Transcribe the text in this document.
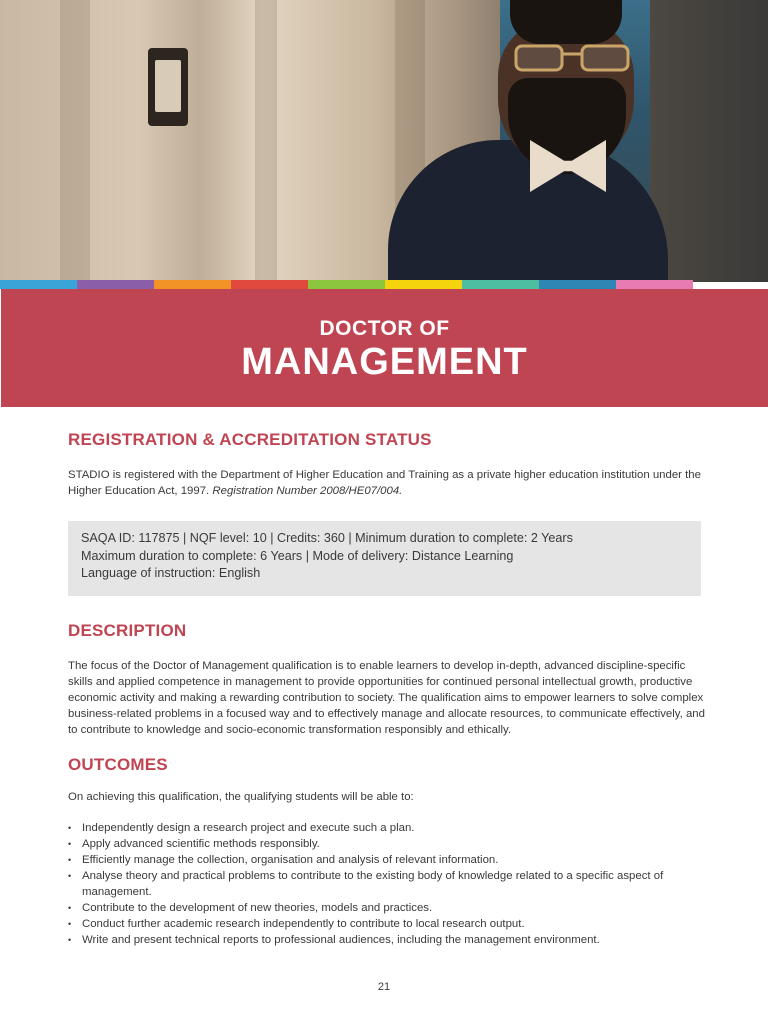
DOCTOR OF
MANAGEMENT
REGISTRATION & ACCREDITATION STATUS
STADIO is registered with the Department of Higher Education and Training as a private higher education institution under the Higher Education Act, 1997. Registration Number 2008/HE07/004.
SAQA ID: 117875 | NQF level: 10 | Credits: 360 | Minimum duration to complete: 2 Years
Maximum duration to complete: 6 Years | Mode of delivery: Distance Learning
Language of instruction: English
DESCRIPTION
The focus of the Doctor of Management qualification is to enable learners to develop in-depth, advanced discipline-specific skills and applied competence in management to provide opportunities for continued personal intellectual growth, productive economic activity and making a rewarding contribution to society. The qualification aims to empower learners to solve complex business-related problems in a focused way and to effectively manage and allocate resources, to communicate effectively, and to contribute to knowledge and socio-economic transformation responsibly and ethically.
OUTCOMES
On achieving this qualification, the qualifying students will be able to:
• Independently design a research project and execute such a plan.
• Apply advanced scientific methods responsibly.
• Efficiently manage the collection, organisation and analysis of relevant information.
• Analyse theory and practical problems to contribute to the existing body of knowledge related to a specific aspect of management.
• Contribute to the development of new theories, models and practices.
• Conduct further academic research independently to contribute to local research output.
• Write and present technical reports to professional audiences, including the management environment.
21
